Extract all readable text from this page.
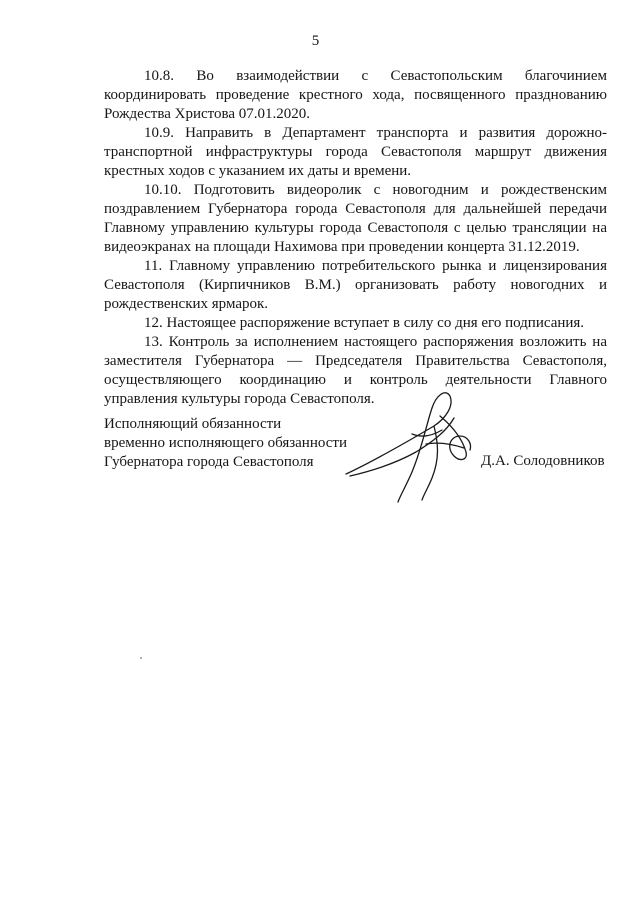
5

10.8. Во взаимодействии с Севастопольским благочинием координировать проведение крестного хода, посвященного празднованию Рождества Христова 07.01.2020.

10.9. Направить в Департамент транспорта и развития дорожно-транспортной инфраструктуры города Севастополя маршрут движения крестных ходов с указанием их даты и времени.

10.10. Подготовить видеоролик с новогодним и рождественским поздравлением Губернатора города Севастополя для дальнейшей передачи Главному управлению культуры города Севастополя с целью трансляции на видеоэкранах на площади Нахимова при проведении концерта 31.12.2019.

11. Главному управлению потребительского рынка и лицензирования Севастополя (Кирпичников В.М.) организовать работу новогодних и рождественских ярмарок.

12. Настоящее распоряжение вступает в силу со дня его подписания.

13. Контроль за исполнением настоящего распоряжения возложить на заместителя Губернатора — Председателя Правительства Севастополя, осуществляющего координацию и контроль деятельности Главного управления культуры города Севастополя.

Исполняющий обязанности
временно исполняющего обязанности
Губернатора города Севастополя	Д.А. Солодовников
